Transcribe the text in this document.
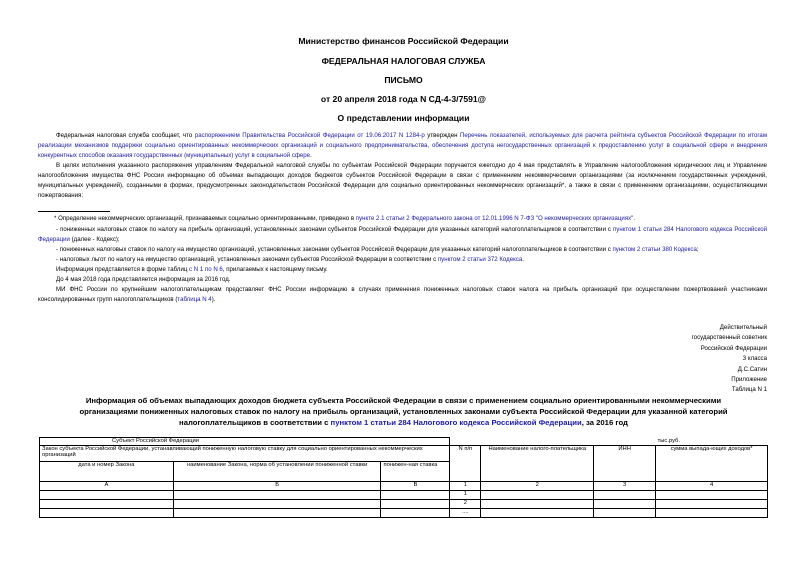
Министерство финансов Российской Федерации
ФЕДЕРАЛЬНАЯ НАЛОГОВАЯ СЛУЖБА
ПИСЬМО
от 20 апреля 2018 года N СД-4-3/7591@
О представлении информации

Федеральная налоговая служба сообщает, что распоряжением Правительства Российской Федерации от 19.06.2017 N 1284-р утвержден Перечень показателей, используемых для расчета рейтинга субъектов Российской Федерации по итогам реализации механизмов поддержки социально ориентированных некоммерческих организаций и социального предпринимательства, обеспечения доступа негосударственных организаций к предоставлению услуг в социальной сфере и внедрения конкурентных способов оказания государственных (муниципальных) услуг в социальной сфере.

В целях исполнения указанного распоряжения управлениям Федеральной налоговой службы по субъектам Российской Федерации поручается ежегодно до 4 мая представлять в Управление налогообложения юридических лиц и Управление налогообложения имущества ФНС России информацию об объемах выпадающих доходов бюджетов субъектов Российской Федерации в связи с применением некоммерческими организациями (за исключением государственных учреждений, муниципальных учреждений), созданными в формах, предусмотренных законодательством Российской Федерации для социально ориентированных некоммерческих организаций*, а также в связи с применением организациями, осуществляющими пожертвования:

* Определение некоммерческих организаций, признаваемых социально ориентированными, приведено в пункте 2.1 статьи 2 Федерального закона от 12.01.1996 N 7-ФЗ "О некоммерческих организациях".

- пониженных налоговых ставок по налогу на прибыль организаций, установленных законами субъектов Российской Федерации для указанных категорий налогоплательщиков в соответствии с пунктом 1 статьи 284 Налогового кодекса Российской Федерации (далее - Кодекс);

- пониженных налоговых ставок по налогу на имущество организаций, установленных законами субъектов Российской Федерации для указанных категорий налогоплательщиков в соответствии с пунктом 2 статьи 380 Кодекса;

- налоговых льгот по налогу на имущество организаций, установленных законами субъектов Российской Федерации в соответствии с пунктом 2 статьи 372 Кодекса.

Информация представляется в форме таблиц с N 1 по N 6, прилагаемых к настоящему письму.

До 4 мая 2018 года представляется информация за 2016 год.

МИ ФНС России по крупнейшим налогоплательщикам представляет ФНС России информацию в случаях применения пониженных налоговых ставок налога на прибыль организаций при осуществлении пожертвований участниками консолидированных групп налогоплательщиков (таблица N 4).

Действительный
государственный советник
Российской Федерации
3 класса
Д.С.Сатин
Приложение
Таблица N 1
Информация об объемах выпадающих доходов бюджета субъекта Российской Федерации в связи с применением социально ориентированными некоммерческими организациями пониженных налоговых ставок по налогу на прибыль организаций, установленных законами субъекта Российской Федерации для указанной категорий налогоплательщиков в соответствии с пунктом 1 статьи 284 Налогового кодекса Российской Федерации, за 2016 год
Субъект Российской Федерации						тыс.руб.
Закон субъекта Российской Федерации, устанавливающий пониженную налоговую ставку для социально ориентированных некоммерческих организаций			N п/п	Наименование налого-плательщика	ИНН	сумма выпада-ющих доходов*
дата и номер Закона	наименование Закона, норма об установлении пониженной ставки	понижен-ная ставка				
А	Б	В	1	2	3	4
			1			
			2			
			....			
